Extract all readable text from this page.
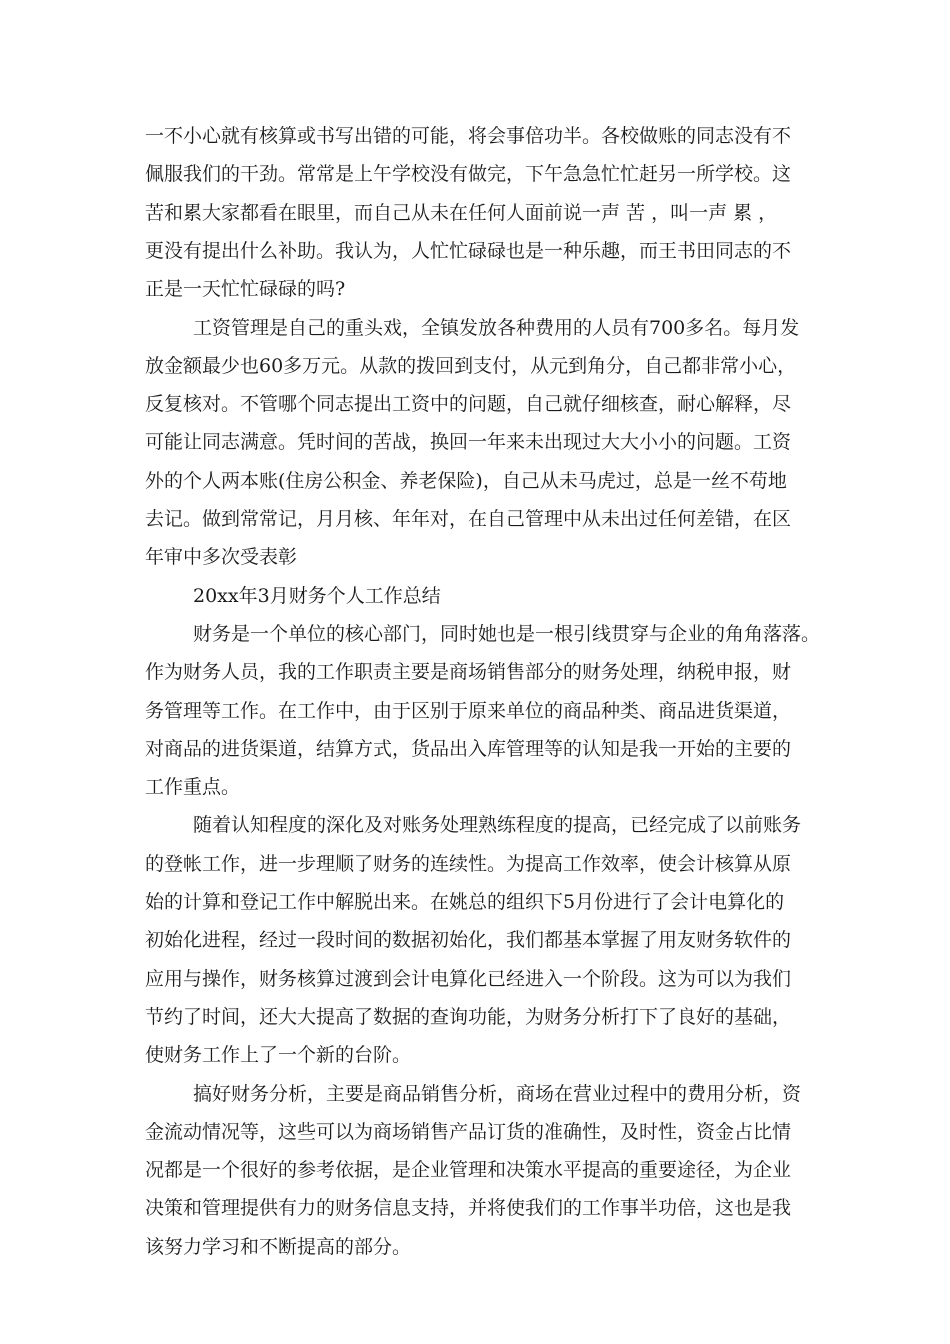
一不小心就有核算或书写出错的可能，将会事倍功半。各校做账的同志没有不
佩服我们的干劲。常常是上午学校没有做完，下午急急忙忙赶另一所学校。这
苦和累大家都看在眼里，而自己从未在任何人面前说一声 苦 ，叫一声 累 ，
更没有提出什么补助。我认为，人忙忙碌碌也是一种乐趣，而王书田同志的不
正是一天忙忙碌碌的吗?
工资管理是自己的重头戏，全镇发放各种费用的人员有700多名。每月发
放金额最少也60多万元。从款的拨回到支付，从元到角分，自己都非常小心，
反复核对。不管哪个同志提出工资中的问题，自己就仔细核查，耐心解释，尽
可能让同志满意。凭时间的苦战，换回一年来未出现过大大小小的问题。工资
外的个人两本账(住房公积金、养老保险)，自己从未马虎过，总是一丝不苟地
去记。做到常常记，月月核、年年对，在自己管理中从未出过任何差错，在区
年审中多次受表彰
20xx年3月财务个人工作总结
财务是一个单位的核心部门，同时她也是一根引线贯穿与企业的角角落落。
作为财务人员，我的工作职责主要是商场销售部分的财务处理，纳税申报，财
务管理等工作。在工作中，由于区别于原来单位的商品种类、商品进货渠道，
对商品的进货渠道，结算方式，货品出入库管理等的认知是我一开始的主要的
工作重点。
随着认知程度的深化及对账务处理熟练程度的提高，已经完成了以前账务
的登帐工作，进一步理顺了财务的连续性。为提高工作效率，使会计核算从原
始的计算和登记工作中解脱出来。在姚总的组织下5月份进行了会计电算化的
初始化进程，经过一段时间的数据初始化，我们都基本掌握了用友财务软件的
应用与操作，财务核算过渡到会计电算化已经进入一个阶段。这为可以为我们
节约了时间，还大大提高了数据的查询功能，为财务分析打下了良好的基础，
使财务工作上了一个新的台阶。
搞好财务分析，主要是商品销售分析，商场在营业过程中的费用分析，资
金流动情况等，这些可以为商场销售产品订货的准确性，及时性，资金占比情
况都是一个很好的参考依据，是企业管理和决策水平提高的重要途径，为企业
决策和管理提供有力的财务信息支持，并将使我们的工作事半功倍，这也是我
该努力学习和不断提高的部分。
